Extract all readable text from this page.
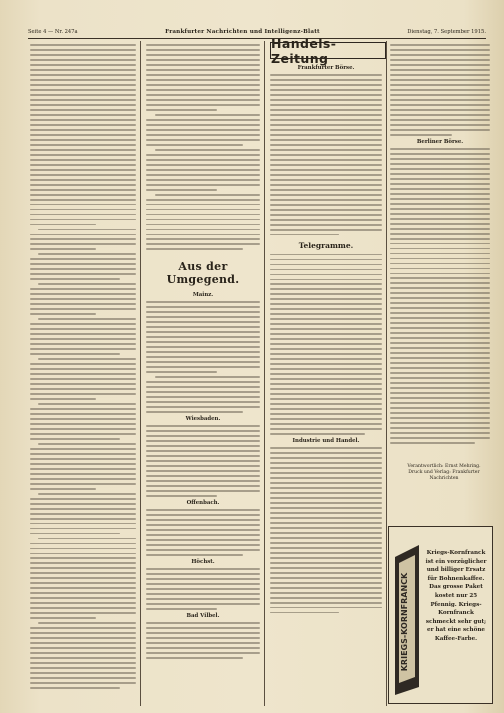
Seite 4 — Nr. 247a	Frankfurter Nachrichten und Intelligenz-Blatt	Dienstag, 7. September 1915.
Aus der Umgegend.
Mainz.
Wiesbaden.
Offenbach.
Höchst.
Bad Vilbel.
Handels-Zeitung
Frankfurter Börse.
Telegramme.
Industrie und Handel.
Berliner Börse.
Verantwortlich: Ernst Mehring. Druck und Verlag: Frankfurter Nachrichten
KRIEGS-KORNFRANCK
Kriegs-Kornfranck ist ein vorzüglicher und billiger Ersatz für Bohnenkaffee. Das grosse Paket kostet nur 25 Pfennig. Kriegs-Kornfranck schmeckt sehr gut; er hat eine schöne Kaffee-Farbe.
